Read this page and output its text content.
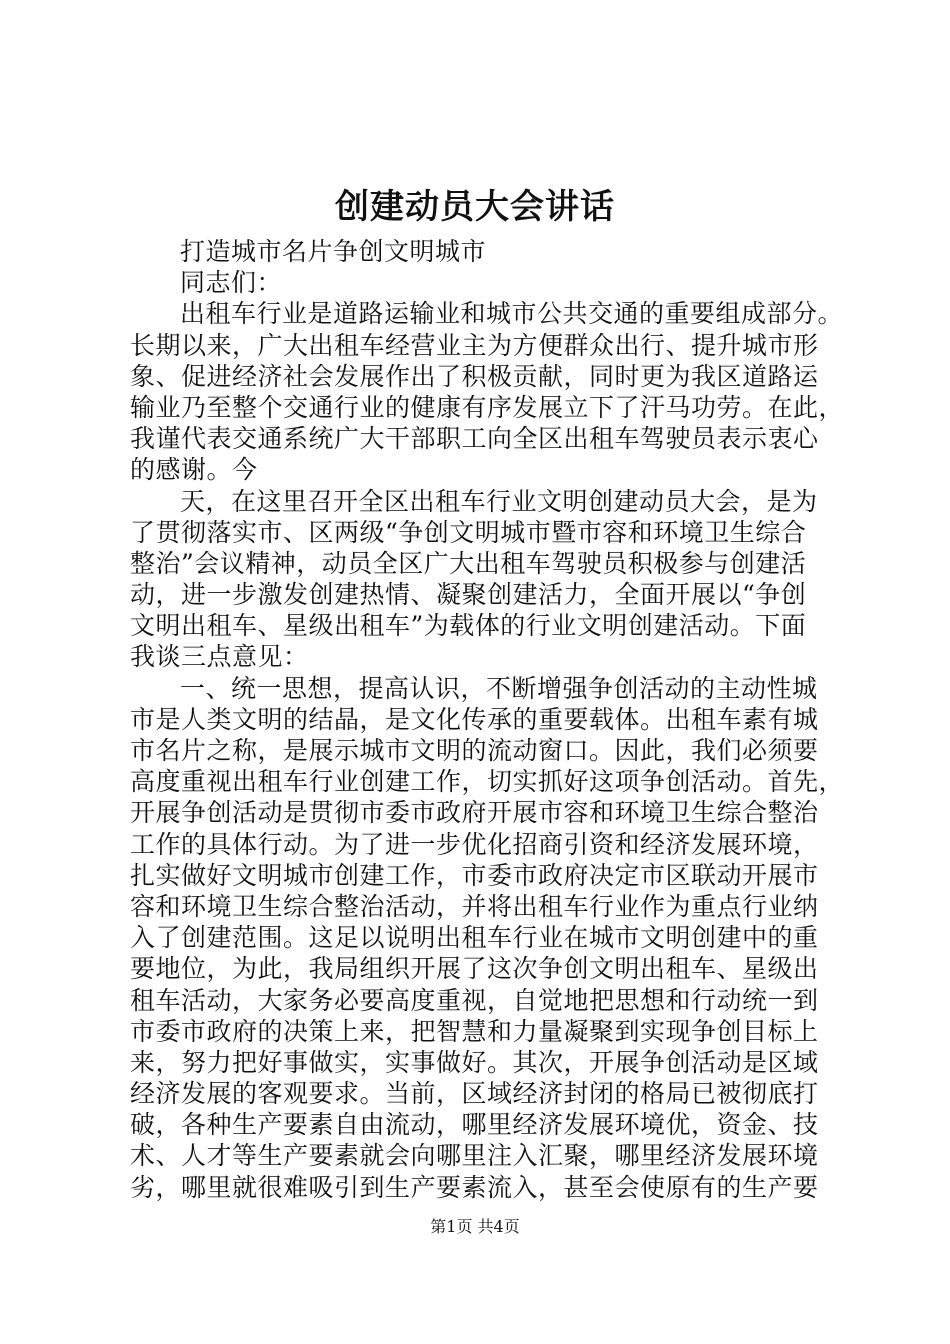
创建动员大会讲话
打造城市名片争创文明城市
同志们：
出租车行业是道路运输业和城市公共交通的重要组成部分。
长期以来，广大出租车经营业主为方便群众出行、提升城市形
象、促进经济社会发展作出了积极贡献，同时更为我区道路运
输业乃至整个交通行业的健康有序发展立下了汗马功劳。在此，
我谨代表交通系统广大干部职工向全区出租车驾驶员表示衷心
的感谢。今
天，在这里召开全区出租车行业文明创建动员大会，是为
了贯彻落实市、区两级“争创文明城市暨市容和环境卫生综合
整治”会议精神，动员全区广大出租车驾驶员积极参与创建活
动，进一步激发创建热情、凝聚创建活力，全面开展以“争创
文明出租车、星级出租车”为载体的行业文明创建活动。下面
我谈三点意见：
一、统一思想，提高认识，不断增强争创活动的主动性城
市是人类文明的结晶，是文化传承的重要载体。出租车素有城
市名片之称，是展示城市文明的流动窗口。因此，我们必须要
高度重视出租车行业创建工作，切实抓好这项争创活动。首先，
开展争创活动是贯彻市委市政府开展市容和环境卫生综合整治
工作的具体行动。为了进一步优化招商引资和经济发展环境，
扎实做好文明城市创建工作，市委市政府决定市区联动开展市
容和环境卫生综合整治活动，并将出租车行业作为重点行业纳
入了创建范围。这足以说明出租车行业在城市文明创建中的重
要地位，为此，我局组织开展了这次争创文明出租车、星级出
租车活动，大家务必要高度重视，自觉地把思想和行动统一到
市委市政府的决策上来，把智慧和力量凝聚到实现争创目标上
来，努力把好事做实，实事做好。其次，开展争创活动是区域
经济发展的客观要求。当前，区域经济封闭的格局已被彻底打
破，各种生产要素自由流动，哪里经济发展环境优，资金、技
术、人才等生产要素就会向哪里注入汇聚，哪里经济发展环境
劣，哪里就很难吸引到生产要素流入，甚至会使原有的生产要
第1页 共4页
